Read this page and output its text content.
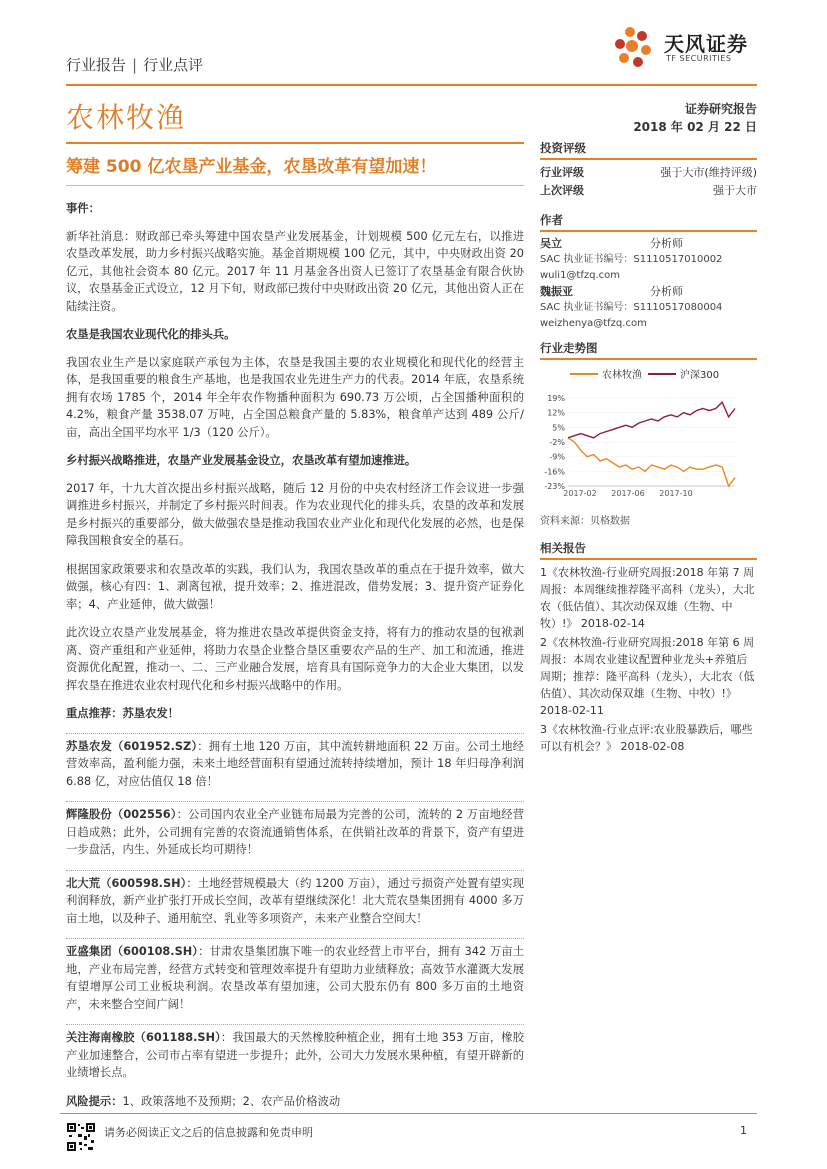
行业报告 | 行业点评
天风证券
TF SECURITIES
农林牧渔	证券研究报告
2018 年 02 月 22 日
筹建 500 亿农垦产业基金，农垦改革有望加速！

事件：

新华社消息：财政部已牵头筹建中国农垦产业发展基金，计划规模 500 亿元左右，以推进农垦改革发展，助力乡村振兴战略实施。基金首期规模 100 亿元，其中，中央财政出资 20 亿元，其他社会资本 80 亿元。2017 年 11 月基金各出资人已签订了农垦基金有限合伙协议，农垦基金正式设立，12 月下旬，财政部已拨付中央财政出资 20 亿元，其他出资人正在陆续注资。

农垦是我国农业现代化的排头兵。

我国农业生产是以家庭联产承包为主体，农垦是我国主要的农业规模化和现代化的经营主体，是我国重要的粮食生产基地，也是我国农业先进生产力的代表。2014 年底，农垦系统拥有农场 1785 个，2014 年全年农作物播种面积为 690.73 万公顷，占全国播种面积的 4.2%，粮食产量 3538.07 万吨，占全国总粮食产量的 5.83%，粮食单产达到 489 公斤/亩，高出全国平均水平 1/3（120 公斤）。

乡村振兴战略推进，农垦产业发展基金设立，农垦改革有望加速推进。

2017 年，十九大首次提出乡村振兴战略，随后 12 月份的中央农村经济工作会议进一步强调推进乡村振兴，并制定了乡村振兴时间表。作为农业现代化的排头兵，农垦的改革和发展是乡村振兴的重要部分，做大做强农垦是推动我国农业产业化和现代化发展的必然，也是保障我国粮食安全的基石。

根据国家政策要求和农垦改革的实践，我们认为，我国农垦改革的重点在于提升效率，做大做强，核心有四：1、剥离包袱，提升效率；2、推进混改，借势发展；3、提升资产证券化率；4、产业延伸，做大做强！

此次设立农垦产业发展基金，将为推进农垦改革提供资金支持，将有力的推动农垦的包袱剥离、资产重组和产业延伸，将助力农垦企业整合垦区重要农产品的生产、加工和流通，推进资源优化配置，推动一、二、三产业融合发展，培育具有国际竞争力的大企业大集团，以发挥农垦在推进农业农村现代化和乡村振兴战略中的作用。

重点推荐：苏垦农发！

苏垦农发（601952.SZ）：拥有土地 120 万亩，其中流转耕地面积 22 万亩。公司土地经营效率高，盈利能力强，未来土地经营面积有望通过流转持续增加，预计 18 年归母净利润 6.88 亿，对应估值仅 18 倍！
辉隆股份（002556）：公司国内农业全产业链布局最为完善的公司，流转的 2 万亩地经营日趋成熟；此外，公司拥有完善的农资流通销售体系，在供销社改革的背景下，资产有望进一步盘活，内生、外延成长均可期待！
北大荒（600598.SH）：土地经营规模最大（约 1200 万亩），通过亏损资产处置有望实现利润释放，新产业扩张打开成长空间，改革有望继续深化！北大荒农垦集团拥有 4000 多万亩土地，以及种子、通用航空、乳业等多项资产，未来产业整合空间大！
亚盛集团（600108.SH）：甘肃农垦集团旗下唯一的农业经营上市平台，拥有 342 万亩土地，产业布局完善，经营方式转变和管理效率提升有望助力业绩释放；高效节水灌溉大发展有望增厚公司工业板块利润。农垦改革有望加速，公司大股东仍有 800 多万亩的土地资产，未来整合空间广阔！
关注海南橡胶（601188.SH）：我国最大的天然橡胶种植企业，拥有土地 353 万亩，橡胶产业加速整合，公司市占率有望进一步提升；此外，公司大力发展水果种植，有望开辟新的业绩增长点。

风险提示：1、政策落地不及预期；2、农产品价格波动

投资评级
行业评级	强于大市(维持评级)
上次评级	强于大市
作者
吴立	分析师
SAC 执业证书编号：S1110517010002
wuli1@tfzq.com
魏振亚	分析师
SAC 执业证书编号：S1110517080004
weizhenya@tfzq.com
行业走势图
农林牧渔	沪深300
19%
12%
5%
-2%
-9%
-16%
-23%
2017-02 2017-06 2017-10
资料来源：贝格数据
相关报告

1《农林牧渔-行业研究周报:2018 年第 7 周周报：本周继续推荐隆平高科（龙头），大北农（低估值）、其次动保双雄（生物、中牧）!》 2018-02-14

2《农林牧渔-行业研究周报:2018 年第 6 周周报：本周农业建议配置种业龙头+养殖后周期；推荐：隆平高科（龙头），大北农（低估值）、其次动保双雄（生物、中牧）!》 2018-02-11

3《农林牧渔-行业点评:农业股暴跌后，哪些可以有机会？》 2018-02-08

请务必阅读正文之后的信息披露和免责申明	1
